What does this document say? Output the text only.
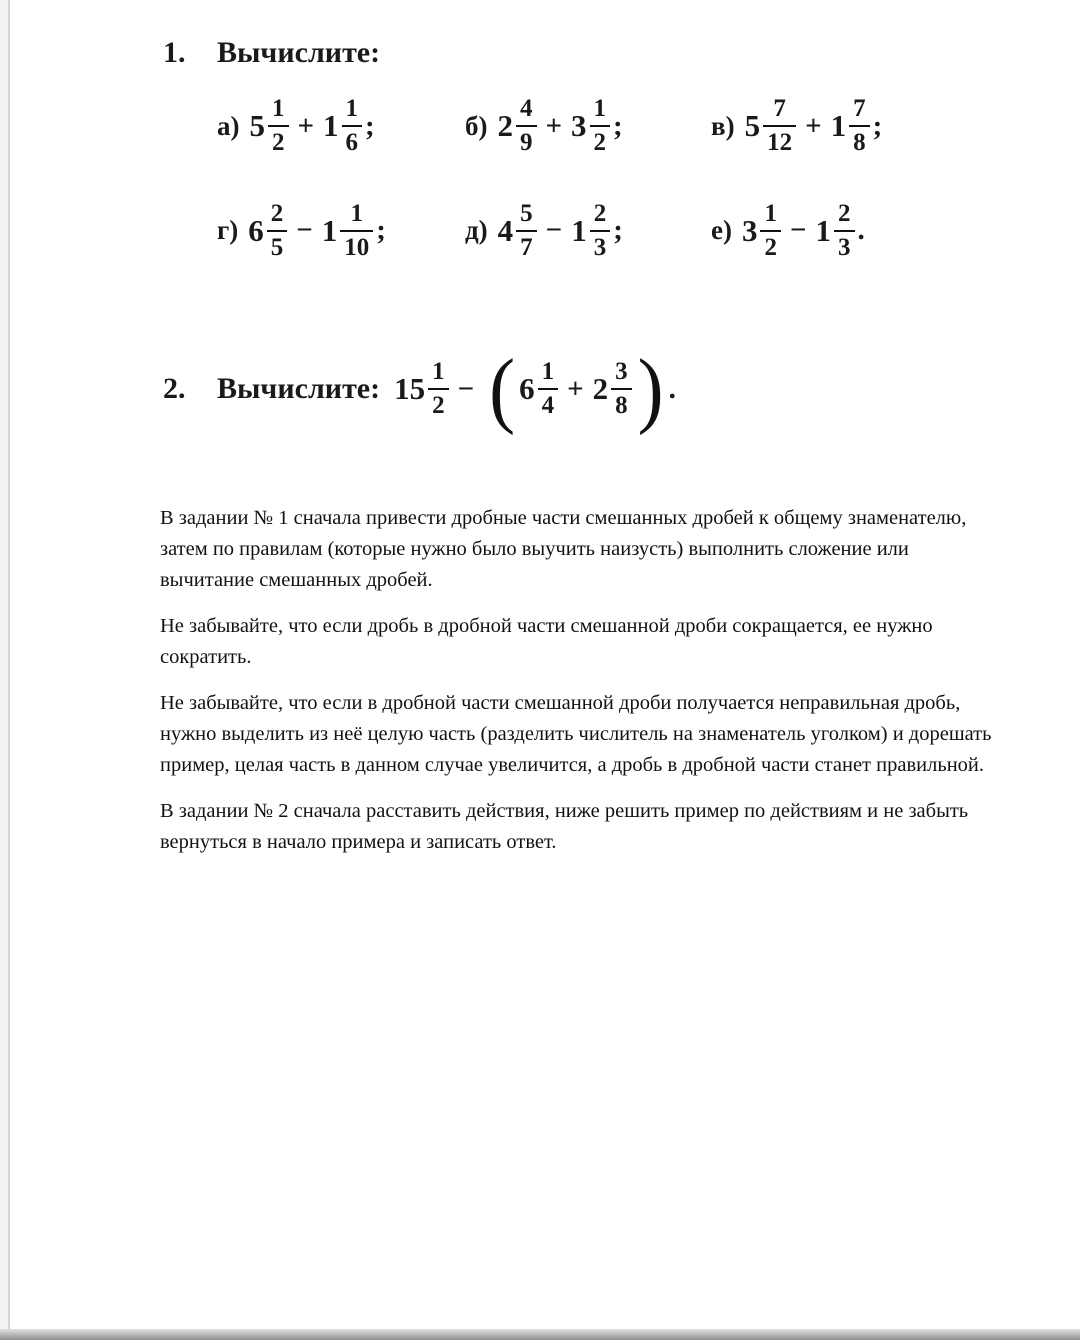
1.	Вычислите:
а) $5 \frac{1}{2} + 1 \frac{1}{6}$ ;	б) $2 \frac{4}{9} + 3 \frac{1}{2}$ ;	в) $5 \frac{7}{12} + 1 \frac{7}{8}$ ;
г) $6 \frac{2}{5} - 1 \frac{1}{10}$ ;	д) $4 \frac{5}{7} - 1 \frac{2}{3}$ ;	е) $3 \frac{1}{2} - 1 \frac{2}{3}$ .
2.	Вычислите: $15 \frac{1}{2}$ − ( $6 \frac{1}{4} + 2 \frac{3}{8}$ ) .

В задании № 1 сначала привести дробные части смешанных дробей к общему знаменателю, затем по правилам (которые нужно было выучить наизусть) выполнить сложение или вычитание смешанных дробей.

Не забывайте, что если дробь в дробной части смешанной дроби сокращается, ее нужно сократить.

Не забывайте, что если в дробной части смешанной дроби получается неправильная дробь, нужно выделить из неё целую часть (разделить числитель на знаменатель уголком) и дорешать пример, целая часть в данном случае увеличится, а дробь в дробной части станет правильной.

В задании № 2 сначала расставить действия, ниже решить пример по действиям и не забыть вернуться в начало примера и записать ответ.
